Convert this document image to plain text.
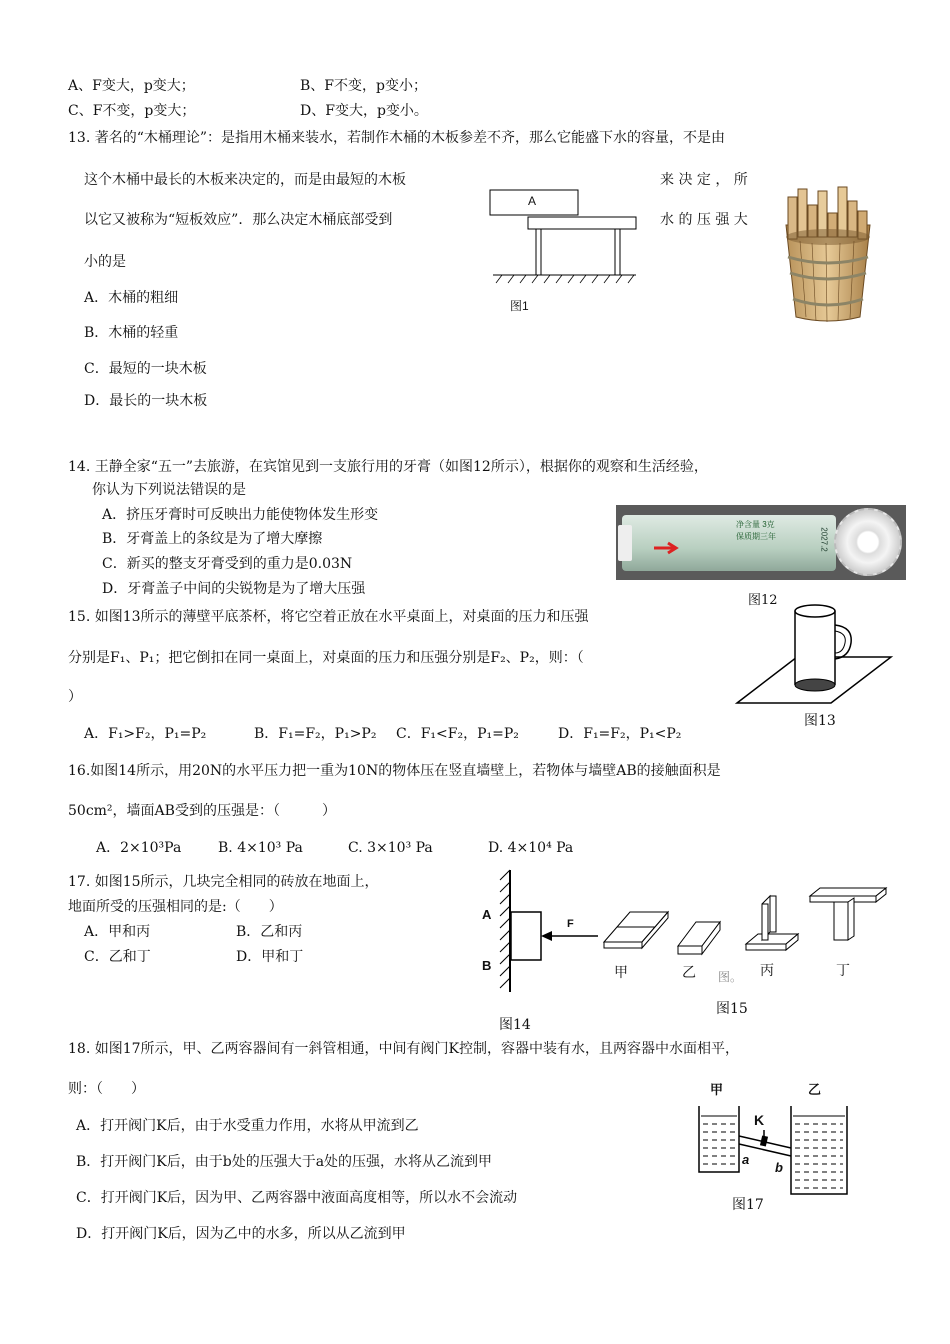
A、F变大，p变大；	B、F不变，p变小；
C、F不变，p变大；	D、F变大，p变小。
13. 著名的“木桶理论”：是指用木桶来装水，若制作木桶的木板参差不齐，那么它能盛下水的容量，不是由
这个木桶中最长的木板来决定的，而是由最短的木板	来 决 定 ， 所
以它又被称为“短板效应”．那么决定木桶底部受到	水 的 压 强 大
小的是
A．木桶的粗细
B．木桶的轻重
C．最短的一块木板
D．最长的一块木板
A
图1
14. 王静全家“五一”去旅游，在宾馆见到一支旅行用的牙膏（如图12所示），根据你的观察和生活经验，
你认为下列说法错误的是
A．挤压牙膏时可反映出力能使物体发生形变
B．牙膏盖上的条纹是为了增大摩擦
C．新买的整支牙膏受到的重力是0.03N
D．牙膏盖子中间的尖锐物是为了增大压强
净含量 3克
保质期三年	2027.2
图12
15. 如图13所示的薄壁平底茶杯，将它空着正放在水平桌面上，对桌面的压力和压强
分别是F₁、P₁；把它倒扣在同一桌面上，对桌面的压力和压强分别是F₂、P₂，则：（
）
A．F₁>F₂，P₁=P₂	B．F₁=F₂，P₁>P₂ C．F₁<F₂，P₁=P₂	D．F₁=F₂，P₁<P₂
图13
16.如图14所示，用20N的水平压力把一重为10N的物体压在竖直墙壁上，若物体与墙壁AB的接触面积是
50cm²，墙面AB受到的压强是：（　　　）
A．2×10³Pa	B. 4×10³ Pa	C. 3×10³ Pa	D. 4×10⁴ Pa
17. 如图15所示，几块完全相同的砖放在地面上，
地面所受的压强相同的是:（　　）
A．甲和丙	B．乙和丙
C．乙和丁	D．甲和丁
A
B
F
图14
甲	乙 图。 丙	丁
图15
18. 如图17所示，甲、乙两容器间有一斜管相通，中间有阀门K控制，容器中装有水，且两容器中水面相平，
则：（　　）
A．打开阀门K后，由于水受重力作用，水将从甲流到乙
B．打开阀门K后，由于b处的压强大于a处的压强，水将从乙流到甲
C．打开阀门K后，因为甲、乙两容器中液面高度相等，所以水不会流动
D．打开阀门K后，因为乙中的水多，所以从乙流到甲
甲	乙
K
a
b
图17
